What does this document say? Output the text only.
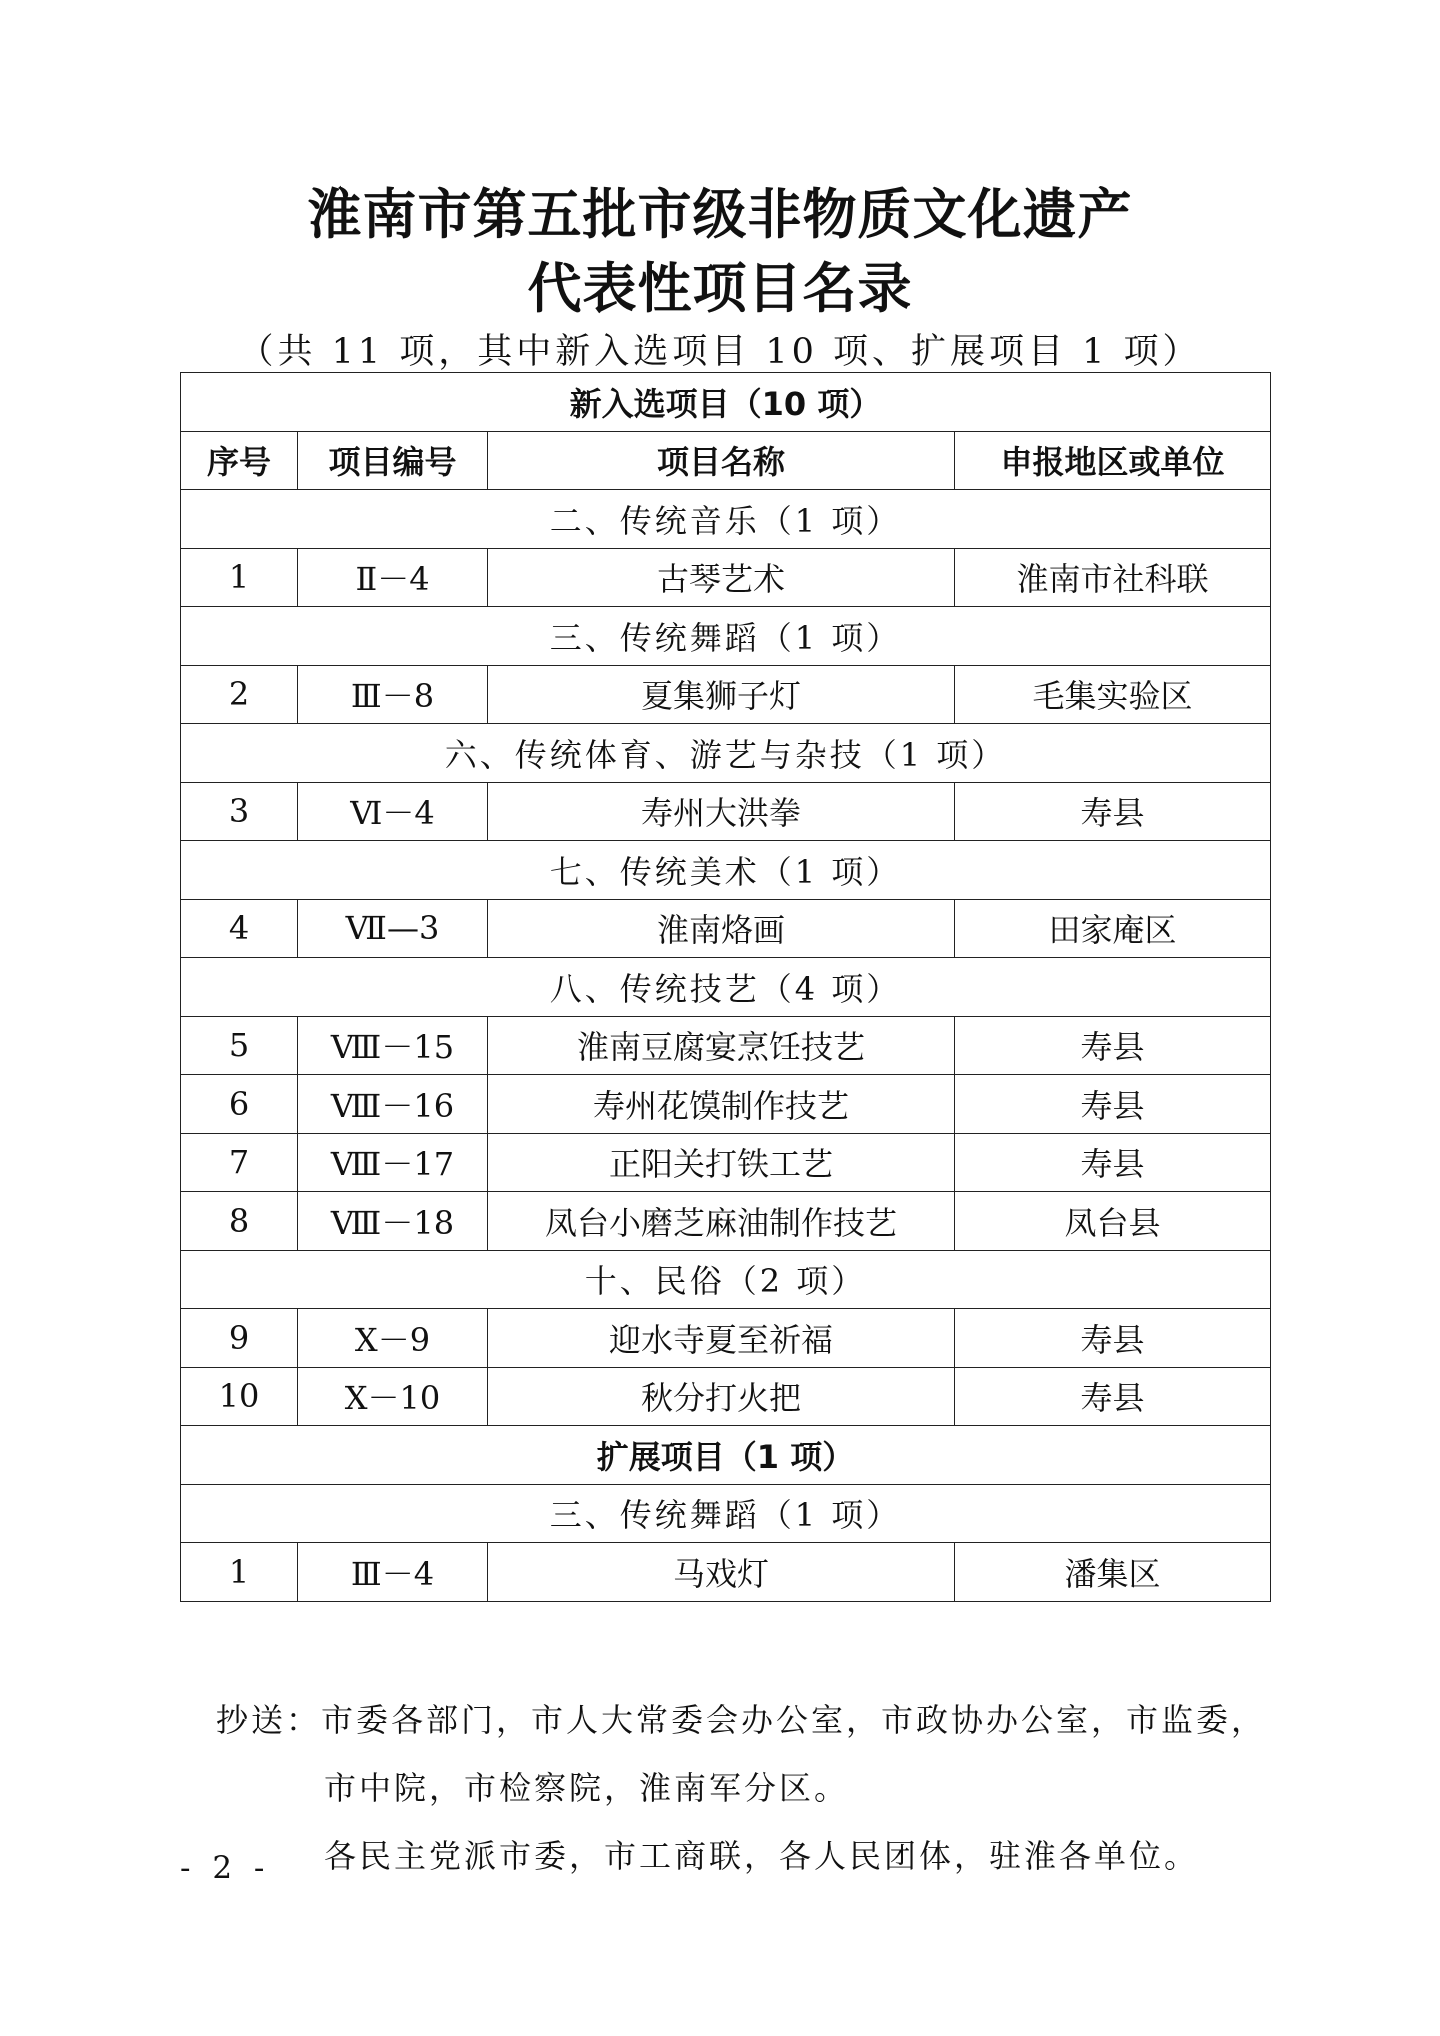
淮南市第五批市级非物质文化遗产
代表性项目名录
（共 11 项，其中新入选项目 10 项、扩展项目 1 项）
新入选项目（10 项）			
序号	项目编号	项目名称	申报地区或单位
二、传统音乐（1 项）			
1	Ⅱ－4	古琴艺术	淮南市社科联
三、传统舞蹈（1 项）			
2	Ⅲ－8	夏集狮子灯	毛集实验区
六、传统体育、游艺与杂技（1 项）			
3	Ⅵ－4	寿州大洪拳	寿县
七、传统美术（1 项）			
4	Ⅶ—3	淮南烙画	田家庵区
八、传统技艺（4 项）			
5	Ⅷ－15	淮南豆腐宴烹饪技艺	寿县
6	Ⅷ－16	寿州花馍制作技艺	寿县
7	Ⅷ－17	正阳关打铁工艺	寿县
8	Ⅷ－18	凤台小磨芝麻油制作技艺	凤台县
十、民俗（2 项）			
9	Ⅹ－9	迎水寺夏至祈福	寿县
10	Ⅹ－10	秋分打火把	寿县
扩展项目（1 项）			
三、传统舞蹈（1 项）			
1	Ⅲ－4	马戏灯	潘集区
抄送：市委各部门，市人大常委会办公室，市政协办公室，市监委，
市中院，市检察院，淮南军分区。
各民主党派市委，市工商联，各人民团体，驻淮各单位。
- 2 -
